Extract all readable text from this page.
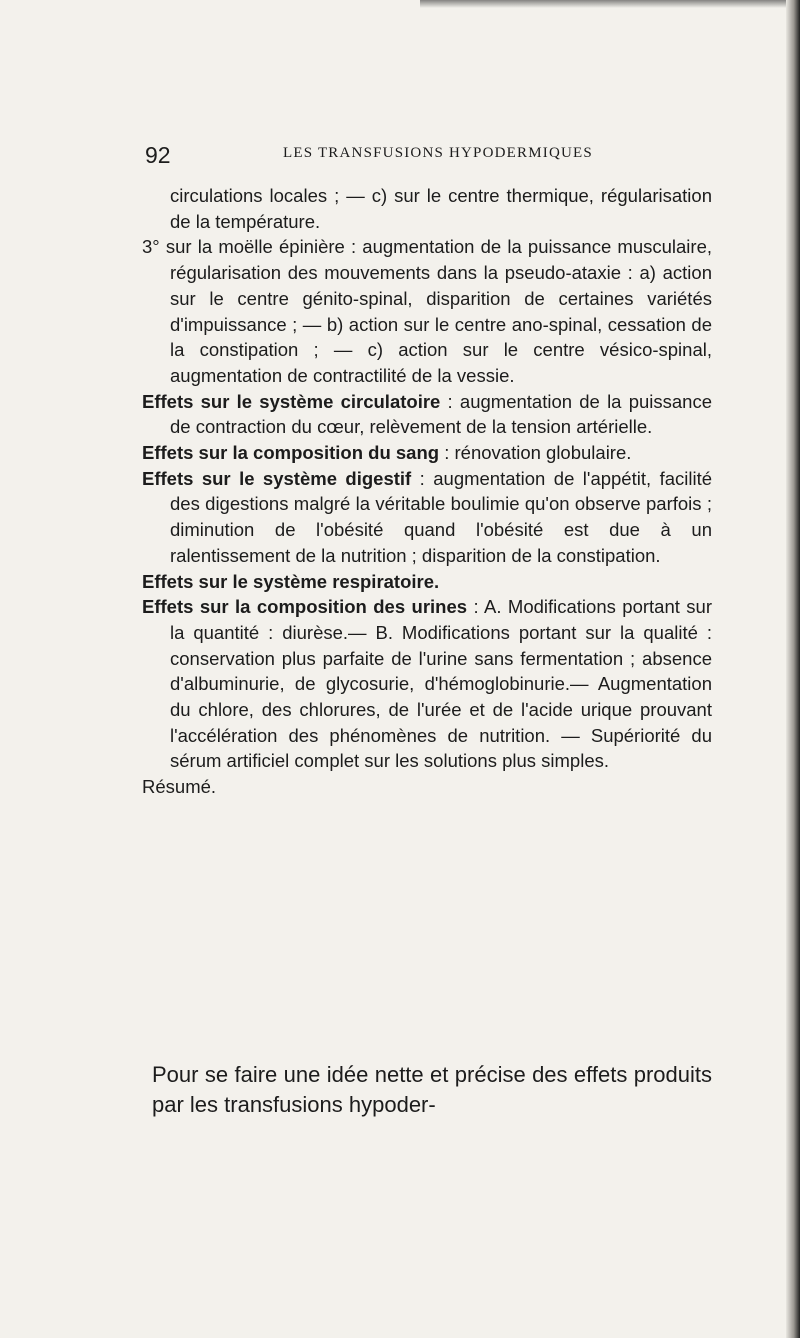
92	LES TRANSFUSIONS HYPODERMIQUES

circulations locales ; — c) sur le centre thermique, régularisation de la température.

3° sur la moëlle épinière : augmentation de la puissance musculaire, régularisation des mouvements dans la pseudo-ataxie : a) action sur le centre génito-spinal, disparition de certaines variétés d'impuissance ; — b) action sur le centre ano-spinal, cessation de la constipation ; — c) action sur le centre vésico-spinal, augmentation de contractilité de la vessie.

Effets sur le système circulatoire : augmentation de la puissance de contraction du cœur, relèvement de la tension artérielle.

Effets sur la composition du sang : rénovation globulaire.

Effets sur le système digestif : augmentation de l'appétit, facilité des digestions malgré la véritable boulimie qu'on observe parfois ; diminution de l'obésité quand l'obésité est due à un ralentissement de la nutrition ; disparition de la constipation.

Effets sur le système respiratoire.

Effets sur la composition des urines : A. Modifications portant sur la quantité : diurèse.— B. Modifications portant sur la qualité : conservation plus parfaite de l'urine sans fermentation ; absence d'albuminurie, de glycosurie, d'hémoglobinurie.— Augmentation du chlore, des chlorures, de l'urée et de l'acide urique prouvant l'accélération des phénomènes de nutrition. — Supériorité du sérum artificiel complet sur les solutions plus simples.

Résumé.

Pour se faire une idée nette et précise des effets produits par les transfusions hypoder-
